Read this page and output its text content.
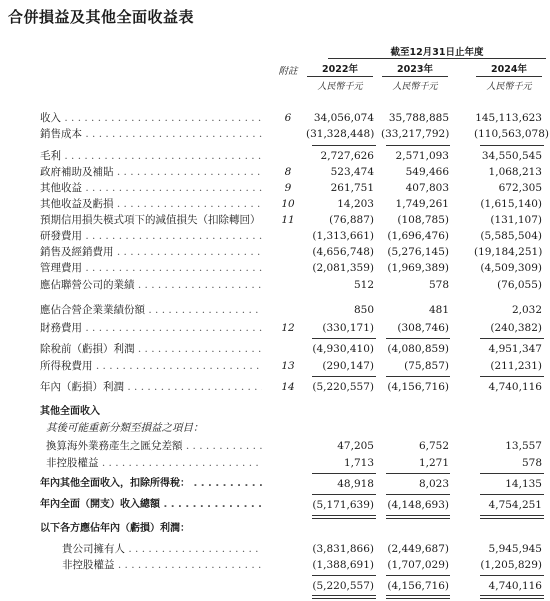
合併損益及其他全面收益表
截至12月31日止年度
附註	2022年	2023年	2024年
人民幣千元	人民幣千元	人民幣千元
收入 . . .	6	34,056,074	35,788,885 145,113,623
銷售成本 . . .	(31,328,448) (33,217,792) (110,563,078)
毛利 . . .	2,727,626	2,571,093	34,550,545
政府補助及補貼 . . .	8	523,474	549,466	1,068,213
其他收益 . . .	9	261,751	407,803	672,305
其他收益及虧損 . . .	10	14,203	1,749,261	(1,615,140)
預期信用損失模式項下的減值損失（扣除轉回） . . .	11	(76,887)	(108,785)	(131,107)
研發費用 . . .	(1,313,661)	(1,696,476)	(5,585,504)
銷售及經銷費用 . . .	(4,656,748)	(5,276,145) (19,184,251)
管理費用 . . .	(2,081,359)	(1,969,389)	(4,509,309)
應佔聯營公司的業績 . . .	512	578	(76,055)
應佔合營企業業績份額 . . .	850	481	2,032
財務費用 . . .	12	(330,171)	(308,746)	(240,382)
除稅前（虧損）利潤 . . .	(4,930,410)	(4,080,859)	4,951,347
所得稅費用 . . .	13	(290,147)	(75,857)	(211,231)
年內（虧損）利潤 . . .	14	(5,220,557)	(4,156,716)	4,740,116
其他全面收入
其後可能重新分類至損益之項目：
換算海外業務產生之匯兌差額 . . .	47,205	6,752	13,557
非控股權益 . . .	1,713	1,271	578
年內其他全面收入，扣除所得稅： . . .	48,918	8,023	14,135
年內全面（開支）收入總額 . . .	(5,171,639)	(4,148,693)	4,754,251
以下各方應佔年內（虧損）利潤：
貴公司擁有人 . . .	(3,831,866)	(2,449,687)	5,945,945
非控股權益 . . .	(1,388,691)	(1,707,029)	(1,205,829)
(5,220,557)	(4,156,716)	4,740,116
